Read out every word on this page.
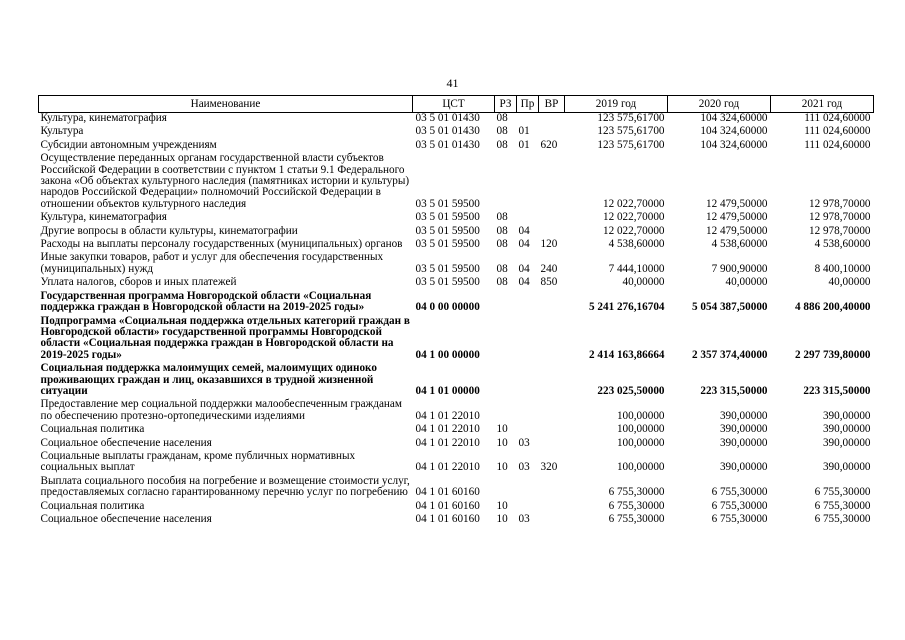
41
Наименование	ЦСТ	РЗ	Пр	ВР	2019 год	2020 год	2021 год
Культура, кинематография	03 5 01 01430	08			123 575,61700	104 324,60000	111 024,60000
Культура	03 5 01 01430	08	01		123 575,61700	104 324,60000	111 024,60000
Субсидии автономным учреждениям	03 5 01 01430	08	01	620	123 575,61700	104 324,60000	111 024,60000
Осуществление переданных органам государственной власти субъектов Российской Федерации в соответствии с пунктом 1 статьи 9.1 Федерального закона «Об объектах культурного наследия (памятниках истории и культуры) народов Российской Федерации» полномочий Российской Федерации в отношении объектов культурного наследия	03 5 01 59500				12 022,70000	12 479,50000	12 978,70000
Культура, кинематография	03 5 01 59500	08			12 022,70000	12 479,50000	12 978,70000
Другие вопросы в области культуры, кинематографии	03 5 01 59500	08	04		12 022,70000	12 479,50000	12 978,70000
Расходы на выплаты персоналу государственных (муниципальных) органов	03 5 01 59500	08	04	120	4 538,60000	4 538,60000	4 538,60000
Иные закупки товаров, работ и услуг для обеспечения государственных (муниципальных) нужд	03 5 01 59500	08	04	240	7 444,10000	7 900,90000	8 400,10000
Уплата налогов, сборов и иных платежей	03 5 01 59500	08	04	850	40,00000	40,00000	40,00000
Государственная программа Новгородской области «Социальная поддержка граждан в Новгородской области на 2019-2025 годы»	04 0 00 00000				5 241 276,16704	5 054 387,50000	4 886 200,40000
Подпрограмма «Социальная поддержка отдельных категорий граждан в Новгородской области» государственной программы Новгородской области «Социальная поддержка граждан в Новгородской области на 2019-2025 годы»	04 1 00 00000				2 414 163,86664	2 357 374,40000	2 297 739,80000
Социальная поддержка малоимущих семей, малоимущих одиноко проживающих граждан и лиц, оказавшихся в трудной жизненной ситуации	04 1 01 00000				223 025,50000	223 315,50000	223 315,50000
Предоставление мер социальной поддержки малообеспеченным гражданам по обеспечению протезно-ортопедическими изделиями	04 1 01 22010				100,00000	390,00000	390,00000
Социальная политика	04 1 01 22010	10			100,00000	390,00000	390,00000
Социальное обеспечение населения	04 1 01 22010	10	03		100,00000	390,00000	390,00000
Социальные выплаты гражданам, кроме публичных нормативных социальных выплат	04 1 01 22010	10	03	320	100,00000	390,00000	390,00000
Выплата социального пособия на погребение и возмещение стоимости услуг, предоставляемых согласно гарантированному перечню услуг по погребению	04 1 01 60160				6 755,30000	6 755,30000	6 755,30000
Социальная политика	04 1 01 60160	10			6 755,30000	6 755,30000	6 755,30000
Социальное обеспечение населения	04 1 01 60160	10	03		6 755,30000	6 755,30000	6 755,30000
